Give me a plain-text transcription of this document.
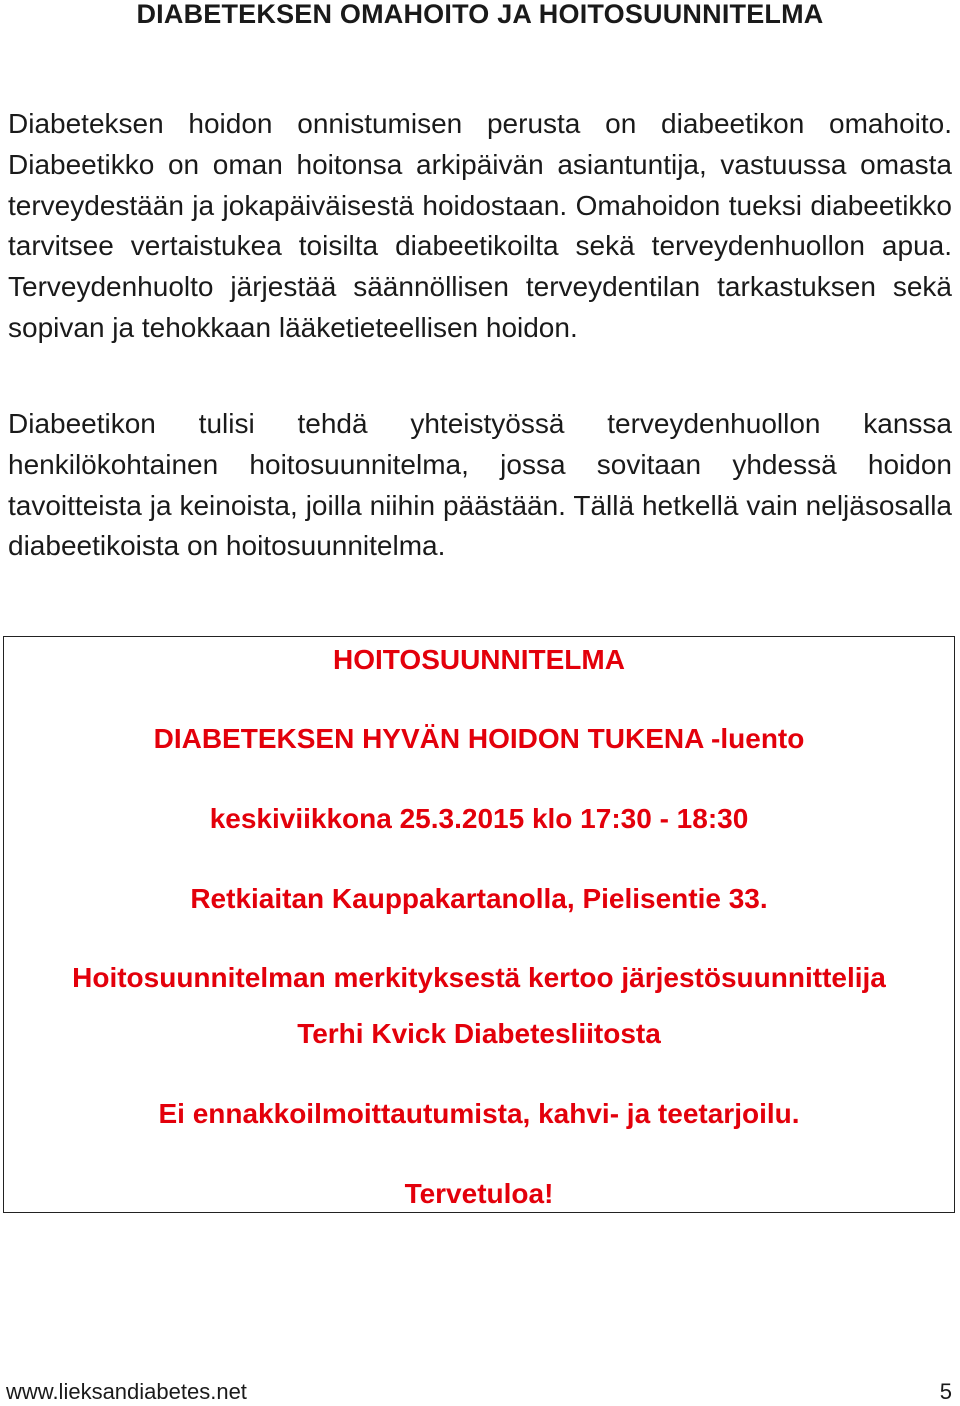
DIABETEKSEN OMAHOITO JA HOITOSUUNNITELMA

Diabeteksen hoidon onnistumisen perusta on diabeetikon omahoito. Diabeetikko on oman hoitonsa arkipäivän asiantuntija, vastuussa omasta terveydestään ja jokapäiväisestä hoidostaan. Omahoidon tueksi diabeetikko tarvitsee vertaistukea toisilta diabeetikoilta sekä terveydenhuollon apua. Terveydenhuolto järjestää säännöllisen terveydentilan tarkastuksen sekä sopivan ja tehokkaan lääketieteellisen hoidon.

Diabeetikon tulisi tehdä yhteistyössä terveydenhuollon kanssa henkilökohtainen hoitosuunnitelma, jossa sovitaan yhdessä hoidon tavoitteista ja keinoista, joilla niihin päästään. Tällä hetkellä vain neljäsosalla diabeetikoista on hoitosuunnitelma.

HOITOSUUNNITELMA

DIABETEKSEN HYVÄN HOIDON TUKENA -luento

keskiviikkona 25.3.2015 klo 17:30 - 18:30

Retkiaitan Kauppakartanolla, Pielisentie 33.

Hoitosuunnitelman merkityksestä kertoo järjestösuunnittelija

Terhi Kvick Diabetesliitosta

Ei ennakkoilmoittautumista, kahvi- ja teetarjoilu.

Tervetuloa!

www.lieksandiabetes.net	5
